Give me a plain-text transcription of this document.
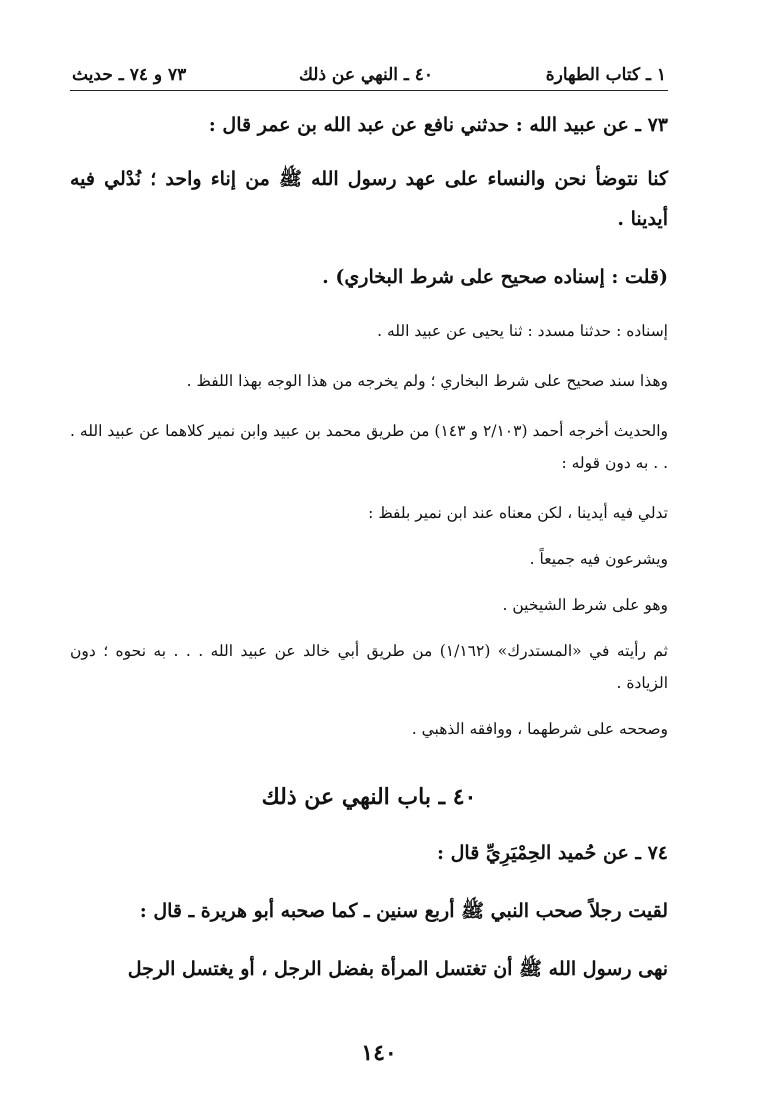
١ ـ كتاب الطهارة
٤٠ ـ النهي عن ذلك
٧٣ و ٧٤ ـ حديث

٧٣ ـ عن عبيد الله : حدثني نافع عن عبد الله بن عمر قال :

كنا نتوضأ نحن والنساء على عهد رسول الله ﷺ من إناء واحد ؛ نُدْلي فيه أيدينا .

(قلت : إسناده صحيح على شرط البخاري) .

إسناده : حدثنا مسدد : ثنا يحيى عن عبيد الله .

وهذا سند صحيح على شرط البخاري ؛ ولم يخرجه من هذا الوجه بهذا اللفظ .

والحديث أخرجه أحمد (٢/١٠٣ و ١٤٣) من طريق محمد بن عبيد وابن نمير كلاهما عن عبيد الله . . . به دون قوله :

تدلي فيه أيدينا ، لكن معناه عند ابن نمير بلفظ :

ويشرعون فيه جميعاً .

وهو على شرط الشيخين .

ثم رأيته في «المستدرك» (١/١٦٢) من طريق أبي خالد عن عبيد الله . . . به نحوه ؛ دون الزيادة .

وصححه على شرطهما ، ووافقه الذهبي .

٤٠ ـ باب النهي عن ذلك

٧٤ ـ عن حُميد الحِمْيَرِيِّ قال :

لقيت رجلاً صحب النبي ﷺ أربع سنين ـ كما صحبه أبو هريرة ـ قال :

نهى رسول الله ﷺ أن تغتسل المرأة بفضل الرجل ، أو يغتسل الرجل

١٤٠
